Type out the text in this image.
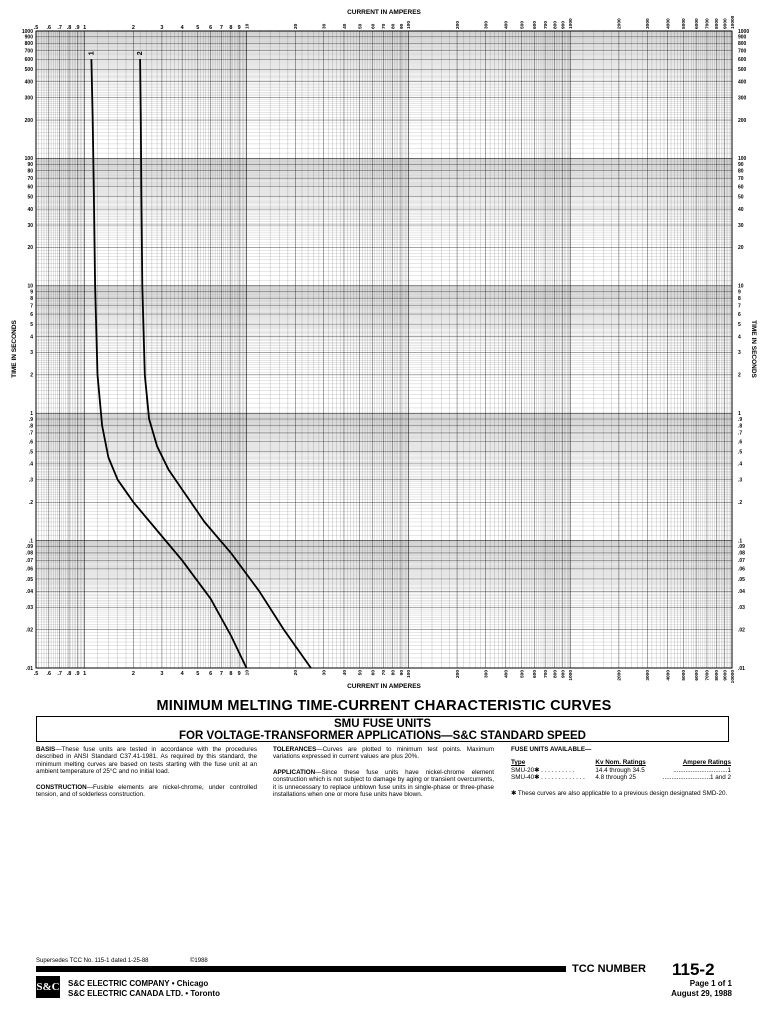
CURRENT IN AMPERES
CURRENT IN AMPERES
TIME IN SECONDS	TIME IN SECONDS
.5
.5
.6
.6
.7
.7
.8
.8
.9
.9
1
1
2
2
3
3
4
4
5
5
6
6
7
7
8
8
9
9
10
10
20
20
30
30
40
40
50
50
60
60
70
70
80
80
90
90
100
100
200
200
300
300
400
400
500
500
600
600
700
700
800
800
900
900
1000
1000
2000
2000
3000
3000
4000
4000
5000
5000
6000
6000
7000
7000
8000
8000
9000
9000
10000
10000
1000	1000
900	900
800	800
700	700
600	600
500	500
400	400
300	300
200	200
100	100
90	90
80	80
70	70
60	60
50	50
40	40
30	30
20	20
10	10
9	9
8	8
7	7
6	6
5	5
4	4
3	3
2	2
1	1
.9	.9
.8	.8
.7	.7
.6	.6
.5	.5
.4	.4
.3	.3
.2	.2
.1	.1
.09	.09
.08	.08
.07	.07
.06	.06
.05	.05
.04	.04
.03	.03
.02	.02
.01	.01
1	2
MINIMUM MELTING TIME-CURRENT CHARACTERISTIC CURVES
SMU FUSE UNITS
FOR VOLTAGE-TRANSFORMER APPLICATIONS—S&C STANDARD SPEED

BASIS—These fuse units are tested in accordance with the procedures described in ANSI Standard C37.41-1981. As required by this standard, the minimum melting curves are based on tests starting with the fuse unit at an ambient temperature of 25°C and no initial load.

CONSTRUCTION—Fusible elements are nickel-chrome, under controlled tension, and of solderless construction.

TOLERANCES—Curves are plotted to minimum test points. Maximum variations expressed in current values are plus 20%.

APPLICATION—Since these fuse units have nickel-chrome element construction which is not subject to damage by aging or transient overcurrents, it is unnecessary to replace unblown fuse units in single-phase or three-phase installations when one or more fuse units have blown.

FUSE UNITS AVAILABLE—
Type	Kv Nom. Ratings	Ampere Ratings
SMU-20✱ . . . . . . . . . .	14.4 through 34.5	...............................1
SMU-40✱ . . . . . . . . . . . . .	4.8 through 25	...........................1 and 2
✱ These curves are also applicable to a previous design designated SMD-20.
Supersedes TCC No. 115-1 dated 1-25-88	©1988
TCC NUMBER 115-2
S&C S&C ELECTRIC COMPANY • Chicago
S&C ELECTRIC CANADA LTD. • Toronto
Page 1 of 1
August 29, 1988
